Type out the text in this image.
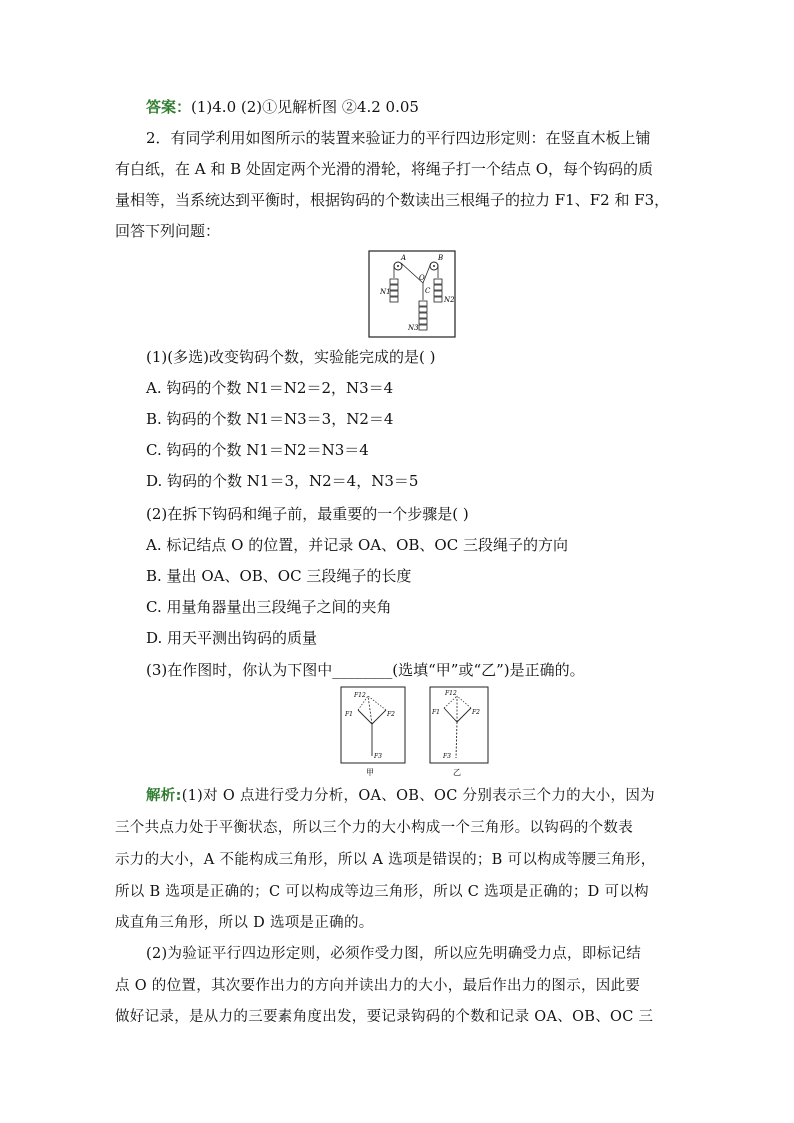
答案：(1)4.0 (2)①见解析图 ②4.2 0.05
2．有同学利用如图所示的装置来验证力的平行四边形定则：在竖直木板上铺
有白纸，在 A 和 B 处固定两个光滑的滑轮，将绳子打一个结点 O，每个钩码的质
量相等，当系统达到平衡时，根据钩码的个数读出三根绳子的拉力 F1、F2 和 F3，
回答下列问题：
A	B
O
C
N1
N2
N3
(1)(多选)改变钩码个数，实验能完成的是( )
A. 钩码的个数 N1＝N2＝2，N3＝4
B. 钩码的个数 N1＝N3＝3，N2＝4
C. 钩码的个数 N1＝N2＝N3＝4
D. 钩码的个数 N1＝3，N2＝4，N3＝5
(2)在拆下钩码和绳子前，最重要的一个步骤是( )
A. 标记结点 O 的位置，并记录 OA、OB、OC 三段绳子的方向
B. 量出 OA、OB、OC 三段绳子的长度
C. 用量角器量出三段绳子之间的夹角
D. 用天平测出钩码的质量
(3)在作图时，你认为下图中________(选填“甲”或“乙”)是正确的。
F12
F1	F2
F3
甲
F12
F1	F2
F3
乙
解析:(1)对 O 点进行受力分析，OA、OB、OC 分别表示三个力的大小，因为
三个共点力处于平衡状态，所以三个力的大小构成一个三角形。以钩码的个数表
示力的大小，A 不能构成三角形，所以 A 选项是错误的；B 可以构成等腰三角形，
所以 B 选项是正确的；C 可以构成等边三角形，所以 C 选项是正确的；D 可以构
成直角三角形，所以 D 选项是正确的。
(2)为验证平行四边形定则，必须作受力图，所以应先明确受力点，即标记结
点 O 的位置，其次要作出力的方向并读出力的大小，最后作出力的图示，因此要
做好记录，是从力的三要素角度出发，要记录钩码的个数和记录 OA、OB、OC 三
